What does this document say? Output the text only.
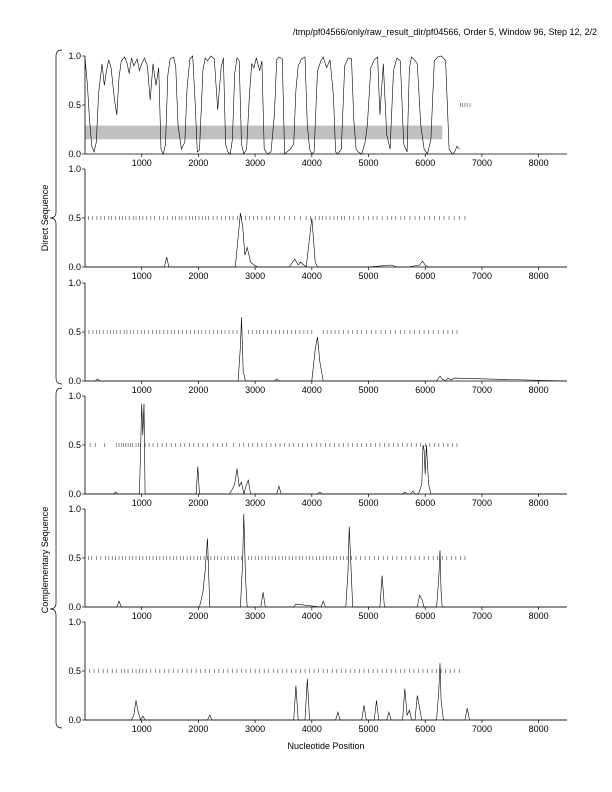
/tmp/pf04566/only/raw_result_dir/pf04566, Order 5, Window 96, Step 12, 2/2
0.0
0.5
1.0
1000	2000	3000	4000	5000	6000	7000	8000
0.0
0.5
1.0
1000	2000	3000	4000	5000	6000	7000	8000
0.0
0.5
1.0
1000	2000	3000	4000	5000	6000	7000	8000
0.0
0.5
1.0
1000	2000	3000	4000	5000	6000	7000	8000
0.0
0.5
1.0
1000	2000	3000	4000	5000	6000	7000	8000
0.0
0.5
1.0
1000	2000	3000	4000	5000	6000	7000	8000
Direct Sequence
Complementary Sequence
Nucleotide Position
